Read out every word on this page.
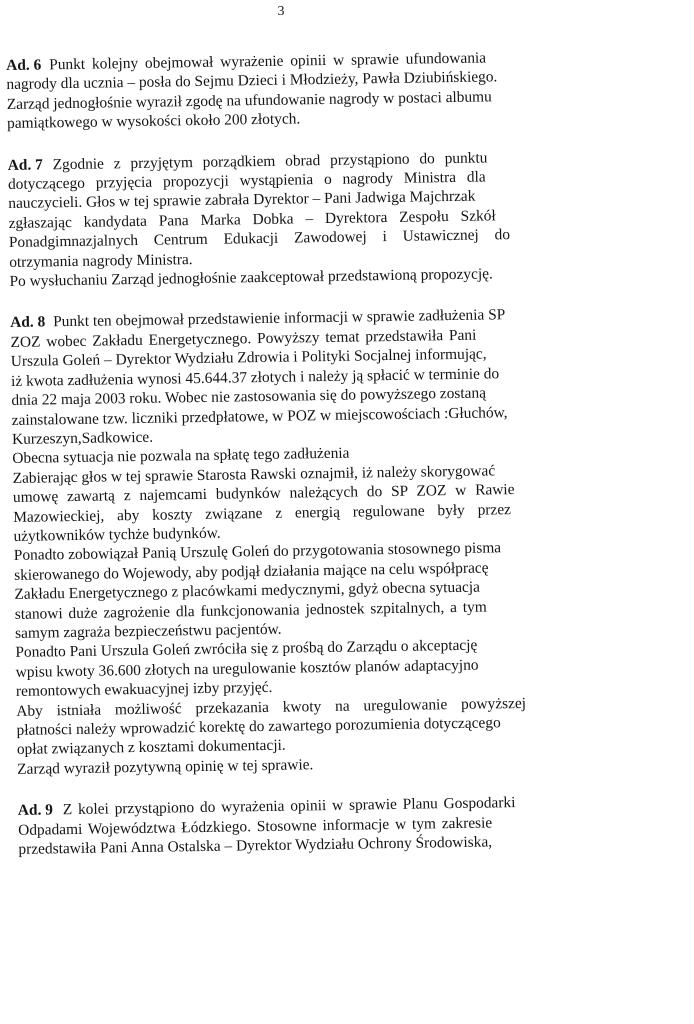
3
Ad. 6 Punkt kolejny obejmował wyrażenie opinii w sprawie ufundowania
nagrody dla ucznia – posła do Sejmu Dzieci i Młodzieży, Pawła Dziubińskiego.
Zarząd jednogłośnie wyraził zgodę na ufundowanie nagrody w postaci albumu
pamiątkowego w wysokości około 200 złotych.
Ad. 7 Zgodnie z przyjętym porządkiem obrad przystąpiono do punktu
dotyczącego przyjęcia propozycji wystąpienia o nagrody Ministra dla
nauczycieli. Głos w tej sprawie zabrała Dyrektor – Pani Jadwiga Majchrzak
zgłaszając kandydata Pana Marka Dobka – Dyrektora Zespołu Szkół
Ponadgimnazjalnych Centrum Edukacji Zawodowej i Ustawicznej do
otrzymania nagrody Ministra.
Po wysłuchaniu Zarząd jednogłośnie zaakceptował przedstawioną propozycję.
Ad. 8 Punkt ten obejmował przedstawienie informacji w sprawie zadłużenia SP
ZOZ wobec Zakładu Energetycznego. Powyższy temat przedstawiła Pani
Urszula Goleń – Dyrektor Wydziału Zdrowia i Polityki Socjalnej informując,
iż kwota zadłużenia wynosi 45.644.37 złotych i należy ją spłacić w terminie do
dnia 22 maja 2003 roku. Wobec nie zastosowania się do powyższego zostaną
zainstalowane tzw. liczniki przedpłatowe, w POZ w miejscowościach :Głuchów,
Kurzeszyn,Sadkowice.
Obecna sytuacja nie pozwala na spłatę tego zadłużenia
Zabierając głos w tej sprawie Starosta Rawski oznajmił, iż należy skorygować
umowę zawartą z najemcami budynków należących do SP ZOZ w Rawie
Mazowieckiej, aby koszty związane z energią regulowane były przez
użytkowników tychże budynków.
Ponadto zobowiązał Panią Urszulę Goleń do przygotowania stosownego pisma
skierowanego do Wojewody, aby podjął działania mające na celu współpracę
Zakładu Energetycznego z placówkami medycznymi, gdyż obecna sytuacja
stanowi duże zagrożenie dla funkcjonowania jednostek szpitalnych, a tym
samym zagraża bezpieczeństwu pacjentów.
Ponadto Pani Urszula Goleń zwróciła się z prośbą do Zarządu o akceptację
wpisu kwoty 36.600 złotych na uregulowanie kosztów planów adaptacyjno
remontowych ewakuacyjnej izby przyjęć.
Aby istniała możliwość przekazania kwoty na uregulowanie powyższej
płatności należy wprowadzić korektę do zawartego porozumienia dotyczącego
opłat związanych z kosztami dokumentacji.
Zarząd wyraził pozytywną opinię w tej sprawie.
Ad. 9 Z kolei przystąpiono do wyrażenia opinii w sprawie Planu Gospodarki
Odpadami Województwa Łódzkiego. Stosowne informacje w tym zakresie
przedstawiła Pani Anna Ostalska – Dyrektor Wydziału Ochrony Środowiska,
